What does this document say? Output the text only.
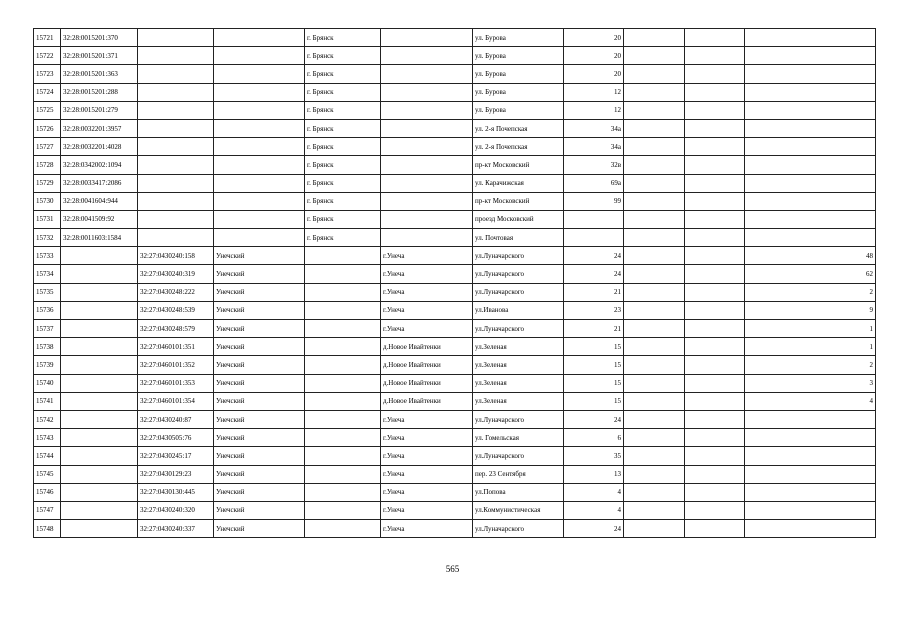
15721	32:28:0015201:370			г. Брянск		ул. Бурова	20			
15722	32:28:0015201:371			г. Брянск		ул. Бурова	20			
15723	32:28:0015201:363			г. Брянск		ул. Бурова	20			
15724	32:28:0015201:288			г. Брянск		ул. Бурова	12			
15725	32:28:0015201:279			г. Брянск		ул. Бурова	12			
15726	32:28:0032201:3957			г. Брянск		ул. 2-я Почепская	34а			
15727	32:28:0032201:4028			г. Брянск		ул. 2-я Почепская	34а			
15728	32:28:0342002:1094			г. Брянск		пр-кт Московский	32в			
15729	32:28:0033417:2086			г. Брянск		ул. Карачижская	69а			
15730	32:28:0041604:944			г. Брянск		пр-кт Московский	99			
15731	32:28:0041509:92			г. Брянск		проезд Московский				
15732	32:28:0011603:1584			г. Брянск		ул. Почтовая				
15733		32:27:0430240:158	Унечский		г.Унеча	ул.Луначарского	24			48
15734		32:27:0430240:319	Унечский		г.Унеча	ул.Луначарского	24			62
15735		32:27:0430248:222	Унечский		г.Унеча	ул.Луначарского	21			2
15736		32:27:0430248:539	Унечский		г.Унеча	ул.Иванова	23			9
15737		32:27:0430248:579	Унечский		г.Унеча	ул.Луначарского	21			1
15738		32:27:0460101:351	Унечский		д.Новое Ивайтенки	ул.Зеленая	15			1
15739		32:27:0460101:352	Унечский		д.Новое Ивайтенки	ул.Зеленая	15			2
15740		32:27:0460101:353	Унечский		д.Новое Ивайтенки	ул.Зеленая	15			3
15741		32:27:0460101:354	Унечский		д.Новое Ивайтенки	ул.Зеленая	15			4
15742		32:27:0430240:87	Унечский		г.Унеча	ул.Луначарского	24			
15743		32:27:0430505:76	Унечский		г.Унеча	ул. Гомельская	6			
15744		32:27:0430245:17	Унечский		г.Унеча	ул.Луначарского	35			
15745		32:27:0430129:23	Унечский		г.Унеча	пер. 23 Сентября	13			
15746		32:27:0430130:445	Унечский		г.Унеча	ул.Попова	4			
15747		32:27:0430240:320	Унечский		г.Унеча	ул.Коммунистическая	4			
15748		32:27:0430240:337	Унечский		г.Унеча	ул.Луначарского	24			
565
